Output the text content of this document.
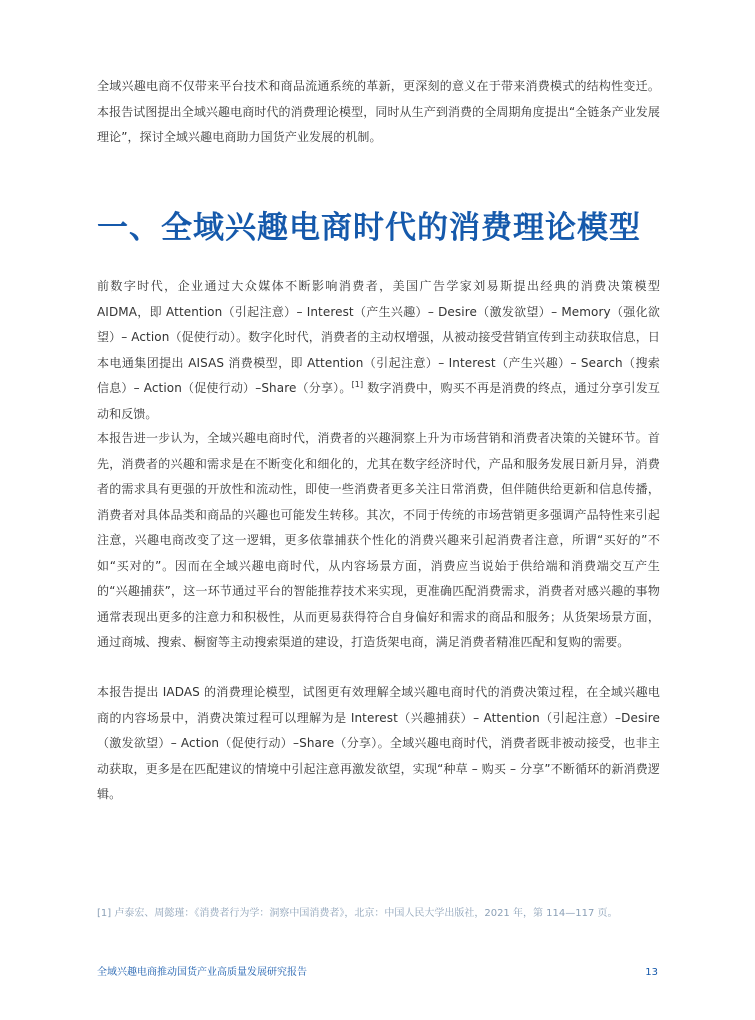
全域兴趣电商不仅带来平台技术和商品流通系统的革新，更深刻的意义在于带来消费模式的结构性变迁。本报告试图提出全域兴趣电商时代的消费理论模型，同时从生产到消费的全周期角度提出“全链条产业发展理论”，探讨全域兴趣电商助力国货产业发展的机制。

一、全域兴趣电商时代的消费理论模型

前数字时代，企业通过大众媒体不断影响消费者，美国广告学家刘易斯提出经典的消费决策模型 AIDMA，即 Attention（引起注意）– Interest（产生兴趣）– Desire（激发欲望）– Memory（强化欲望）– Action（促使行动）。数字化时代，消费者的主动权增强，从被动接受营销宣传到主动获取信息，日本电通集团提出 AISAS 消费模型，即 Attention（引起注意）– Interest（产生兴趣）– Search（搜索信息）– Action（促使行动）–Share（分享）。[1] 数字消费中，购买不再是消费的终点，通过分享引发互动和反馈。

本报告进一步认为，全域兴趣电商时代，消费者的兴趣洞察上升为市场营销和消费者决策的关键环节。首先，消费者的兴趣和需求是在不断变化和细化的，尤其在数字经济时代，产品和服务发展日新月异，消费者的需求具有更强的开放性和流动性，即使一些消费者更多关注日常消费，但伴随供给更新和信息传播，消费者对具体品类和商品的兴趣也可能发生转移。其次，不同于传统的市场营销更多强调产品特性来引起注意，兴趣电商改变了这一逻辑，更多依靠捕获个性化的消费兴趣来引起消费者注意，所谓“买好的”不如“买对的”。因而在全域兴趣电商时代，从内容场景方面，消费应当说始于供给端和消费端交互产生的“兴趣捕获”，这一环节通过平台的智能推荐技术来实现，更准确匹配消费需求，消费者对感兴趣的事物通常表现出更多的注意力和积极性，从而更易获得符合自身偏好和需求的商品和服务；从货架场景方面，通过商城、搜索、橱窗等主动搜索渠道的建设，打造货架电商，满足消费者精准匹配和复购的需要。

本报告提出 IADAS 的消费理论模型，试图更有效理解全域兴趣电商时代的消费决策过程，在全域兴趣电商的内容场景中，消费决策过程可以理解为是 Interest（兴趣捕获）– Attention（引起注意）–Desire（激发欲望）– Action（促使行动）–Share（分享）。全域兴趣电商时代，消费者既非被动接受，也非主动获取，更多是在匹配建议的情境中引起注意再激发欲望，实现“种草 – 购买 – 分享”不断循环的新消费逻辑。

[1] 卢泰宏、周懿瑾：《消费者行为学：洞察中国消费者》，北京：中国人民大学出版社，2021 年，第 114—117 页。

全域兴趣电商推动国货产业高质量发展研究报告	13
